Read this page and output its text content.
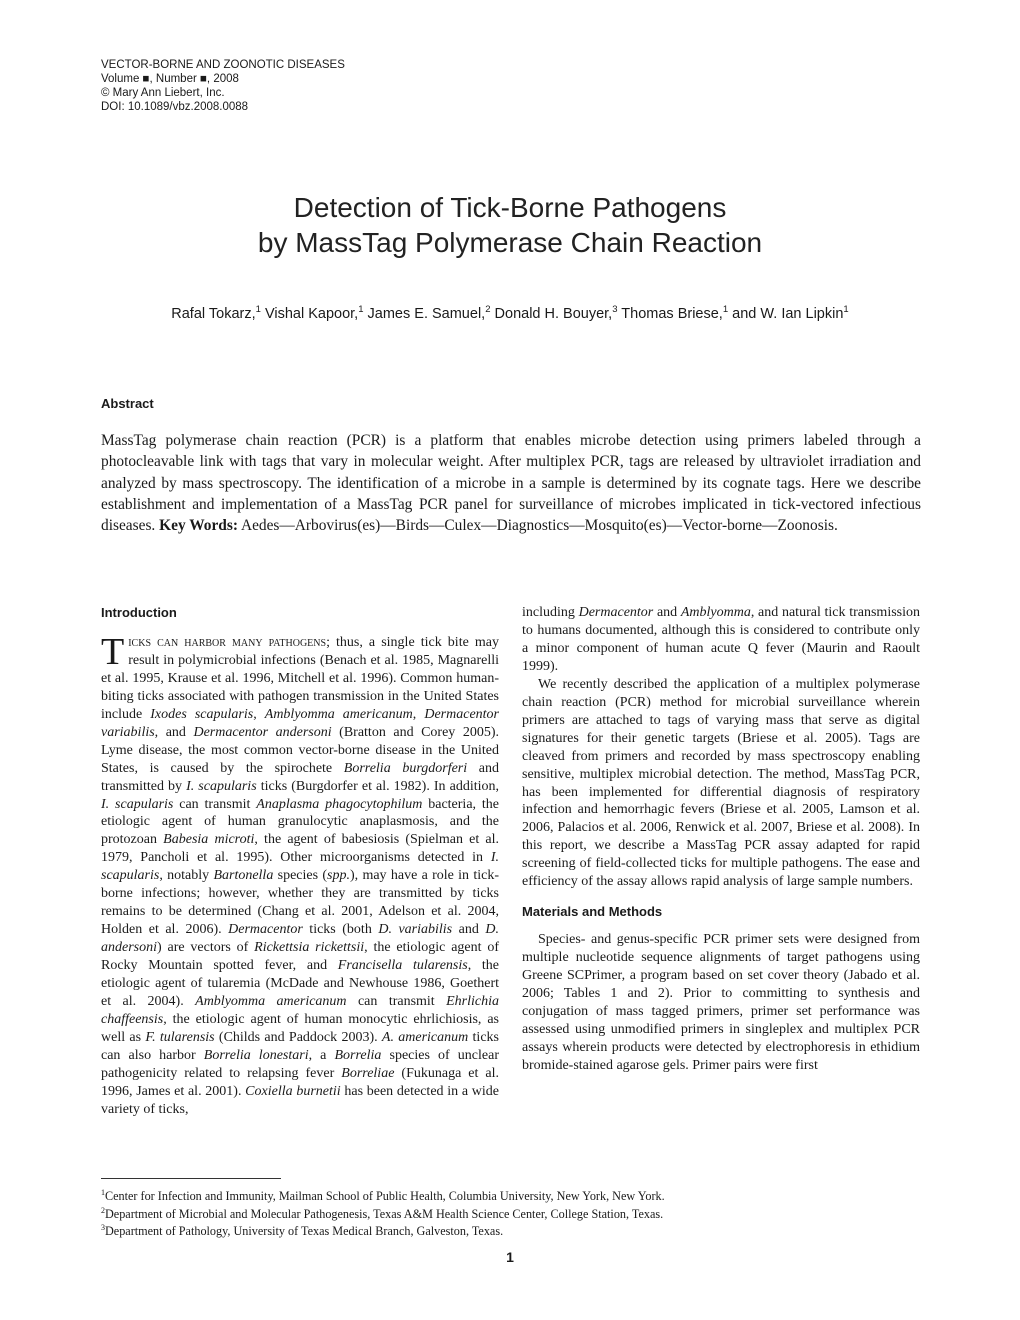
VECTOR-BORNE AND ZOONOTIC DISEASES
Volume ■, Number ■, 2008
© Mary Ann Liebert, Inc.
DOI: 10.1089/vbz.2008.0088
Detection of Tick-Borne Pathogens
by MassTag Polymerase Chain Reaction
Rafal Tokarz,$^1$ Vishal Kapoor,$^1$ James E. Samuel,$^2$ Donald H. Bouyer,$^3$ Thomas Briese,$^1$ and W. Ian Lipkin$^1$
Abstract

MassTag polymerase chain reaction (PCR) is a platform that enables microbe detection using primers labeled through a photocleavable link with tags that vary in molecular weight. After multiplex PCR, tags are released by ultraviolet irradiation and analyzed by mass spectroscopy. The identification of a microbe in a sample is determined by its cognate tags. Here we describe establishment and implementation of a MassTag PCR panel for surveillance of microbes implicated in tick-vectored infectious diseases. Key Words: Aedes—Arbovirus(es)—Birds—Culex—Diagnostics—Mosquito(es)—Vector-borne—Zoonosis.

Introduction

Ticks can harbor many pathogens; thus, a single tick bite may result in polymicrobial infections (Benach et al. 1985, Magnarelli et al. 1995, Krause et al. 1996, Mitchell et al. 1996). Common human-biting ticks associated with pathogen transmission in the United States include Ixodes scapularis, Amblyomma americanum, Dermacentor variabilis, and Dermacentor andersoni (Bratton and Corey 2005). Lyme disease, the most common vector-borne disease in the United States, is caused by the spirochete Borrelia burgdorferi and transmitted by I. scapularis ticks (Burgdorfer et al. 1982). In addition, I. scapularis can transmit Anaplasma phagocytophilum bacteria, the etiologic agent of human granulocytic anaplasmosis, and the protozoan Babesia microti, the agent of babesiosis (Spielman et al. 1979, Pancholi et al. 1995). Other microorganisms detected in I. scapularis, notably Bartonella species (spp.), may have a role in tick-borne infections; however, whether they are transmitted by ticks remains to be determined (Chang et al. 2001, Adelson et al. 2004, Holden et al. 2006). Dermacentor ticks (both D. variabilis and D. andersoni) are vectors of Rickettsia rickettsii, the etiologic agent of Rocky Mountain spotted fever, and Francisella tularensis, the etiologic agent of tularemia (McDade and Newhouse 1986, Goethert et al. 2004). Amblyomma americanum can transmit Ehrlichia chaffeensis, the etiologic agent of human monocytic ehrlichiosis, as well as F. tularensis (Childs and Paddock 2003). A. americanum ticks can also harbor Borrelia lonestari, a Borrelia species of unclear pathogenicity related to relapsing fever Borreliae (Fukunaga et al. 1996, James et al. 2001). Coxiella burnetii has been detected in a wide variety of ticks,

including Dermacentor and Amblyomma, and natural tick transmission to humans documented, although this is considered to contribute only a minor component of human acute Q fever (Maurin and Raoult 1999).

We recently described the application of a multiplex polymerase chain reaction (PCR) method for microbial surveillance wherein primers are attached to tags of varying mass that serve as digital signatures for their genetic targets (Briese et al. 2005). Tags are cleaved from primers and recorded by mass spectroscopy enabling sensitive, multiplex microbial detection. The method, MassTag PCR, has been implemented for differential diagnosis of respiratory infection and hemorrhagic fevers (Briese et al. 2005, Lamson et al. 2006, Palacios et al. 2006, Renwick et al. 2007, Briese et al. 2008). In this report, we describe a MassTag PCR assay adapted for rapid screening of field-collected ticks for multiple pathogens. The ease and efficiency of the assay allows rapid analysis of large sample numbers.

Materials and Methods

Species- and genus-specific PCR primer sets were designed from multiple nucleotide sequence alignments of target pathogens using Greene SCPrimer, a program based on set cover theory (Jabado et al. 2006; Tables 1 and 2). Prior to committing to synthesis and conjugation of mass tagged primers, primer set performance was assessed using unmodified primers in singleplex and multiplex PCR assays wherein products were detected by electrophoresis in ethidium bromide-stained agarose gels. Primer pairs were first

$^1$Center for Infection and Immunity, Mailman School of Public Health, Columbia University, New York, New York.
$^2$Department of Microbial and Molecular Pathogenesis, Texas A&M Health Science Center, College Station, Texas.
$^3$Department of Pathology, University of Texas Medical Branch, Galveston, Texas.
1
